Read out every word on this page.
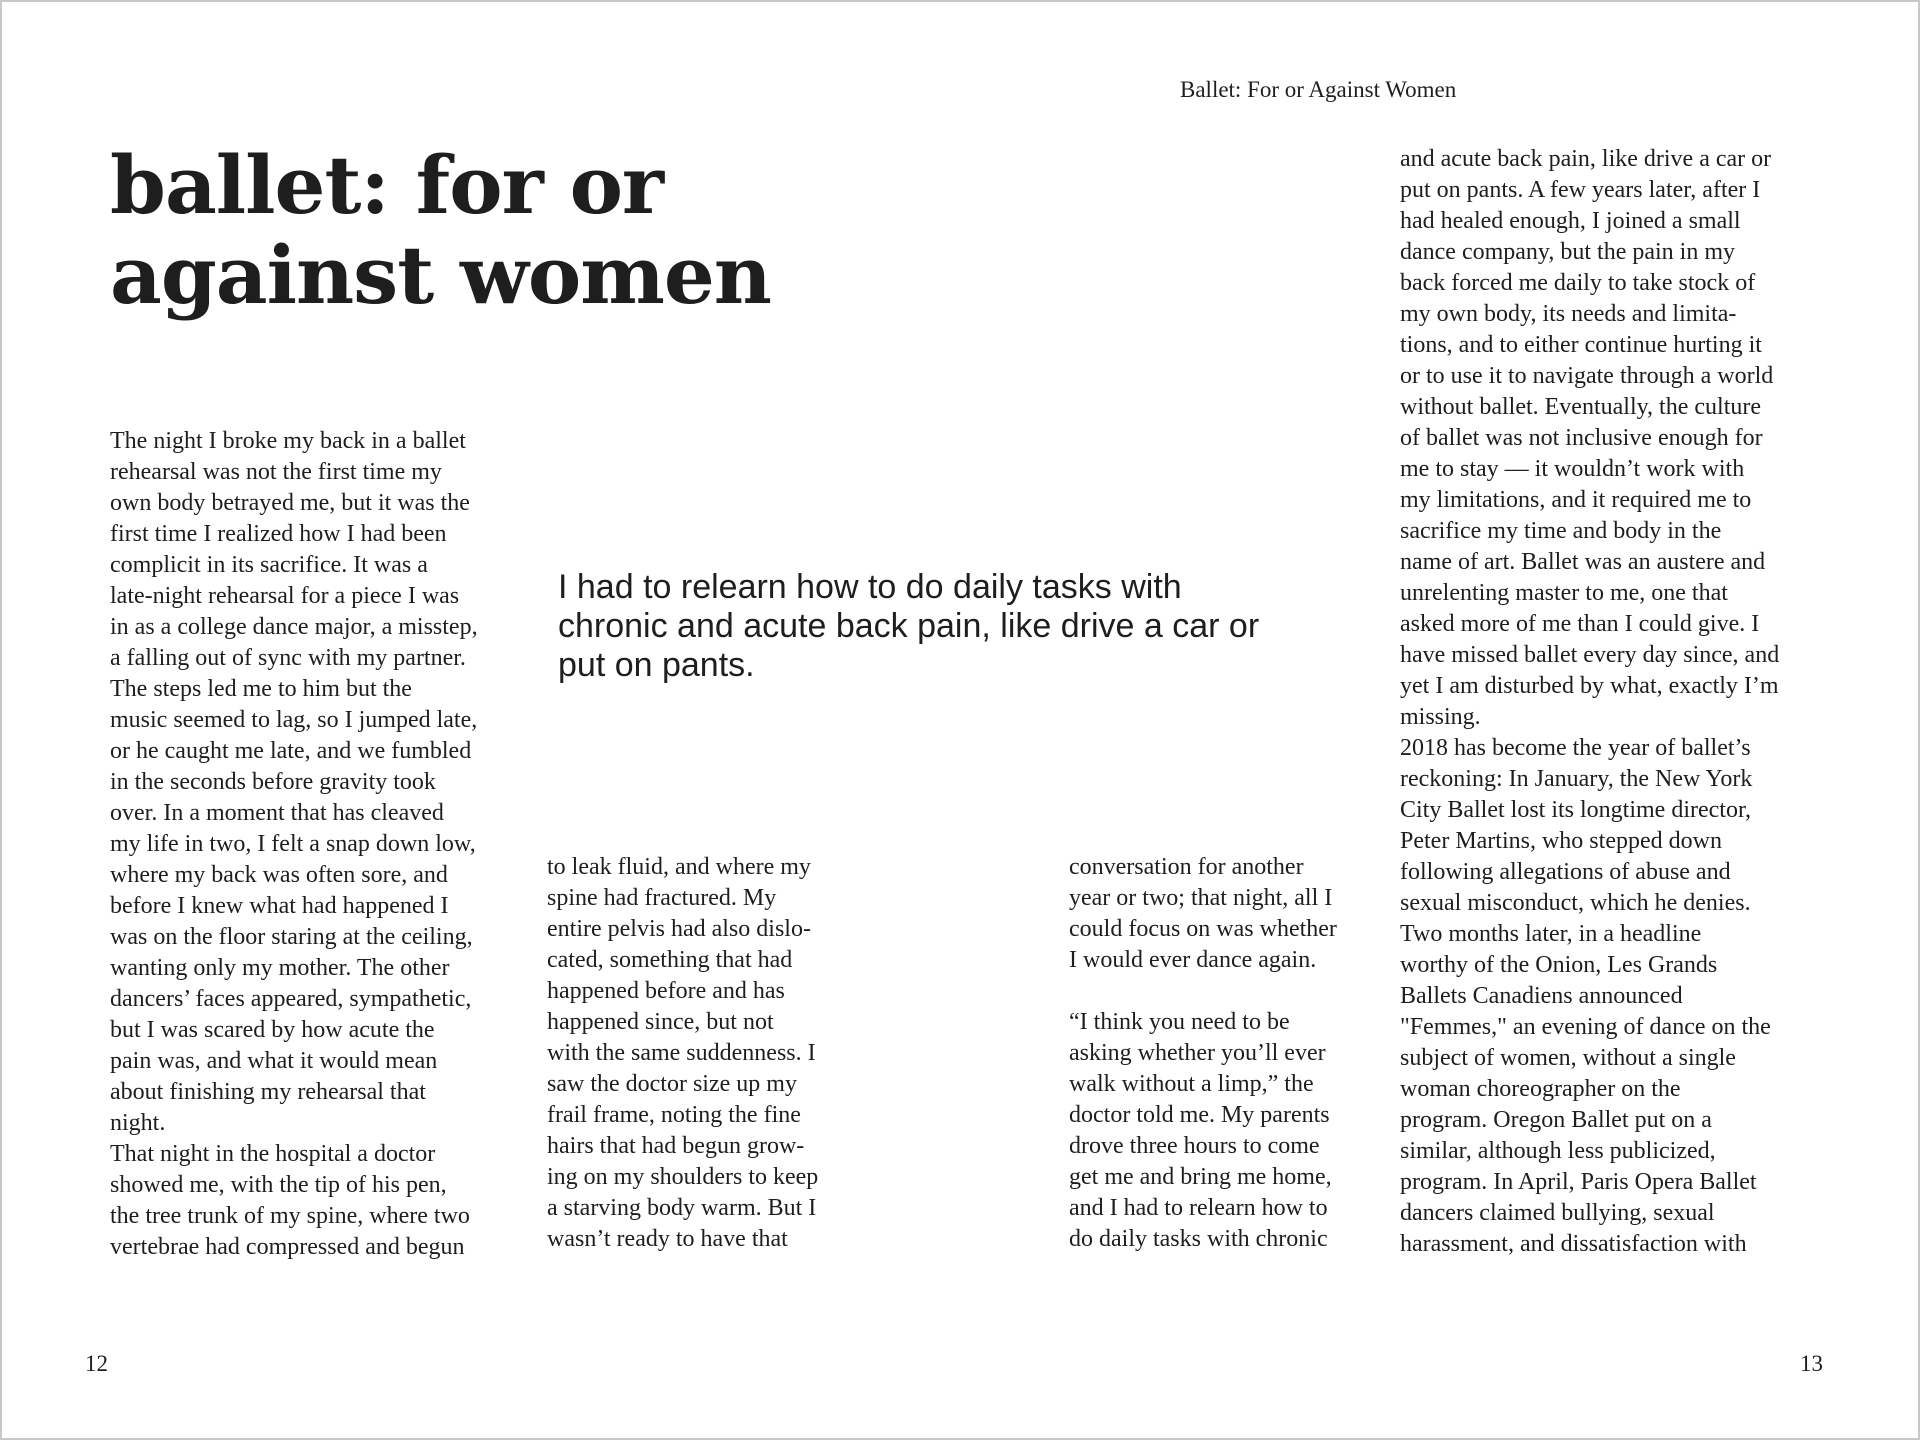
Ballet: For or Against Women
ballet: for or
against women
The night I broke my back in a ballet
rehearsal was not the first time my
own body betrayed me, but it was the
first time I realized how I had been
complicit in its sacrifice. It was a
late-night rehearsal for a piece I was
in as a college dance major, a misstep,
a falling out of sync with my partner.
The steps led me to him but the
music seemed to lag, so I jumped late,
or he caught me late, and we fumbled
in the seconds before gravity took
over. In a moment that has cleaved
my life in two, I felt a snap down low,
where my back was often sore, and
before I knew what had happened I
was on the floor staring at the ceiling,
wanting only my mother. The other
dancers’ faces appeared, sympathetic,
but I was scared by how acute the
pain was, and what it would mean
about finishing my rehearsal that
night.
That night in the hospital a doctor
showed me, with the tip of his pen,
the tree trunk of my spine, where two
vertebrae had compressed and begun
I had to relearn how to do daily tasks with
chronic and acute back pain, like drive a car or
put on pants.
to leak fluid, and where my
spine had fractured. My
entire pelvis had also dislo-
cated, something that had
happened before and has
happened since, but not
with the same suddenness. I
saw the doctor size up my
frail frame, noting the fine
hairs that had begun grow-
ing on my shoulders to keep
a starving body warm. But I
wasn’t ready to have that
conversation for another
year or two; that night, all I
could focus on was whether
I would ever dance again.
“I think you need to be
asking whether you’ll ever
walk without a limp,” the
doctor told me. My parents
drove three hours to come
get me and bring me home,
and I had to relearn how to
do daily tasks with chronic
and acute back pain, like drive a car or
put on pants. A few years later, after I
had healed enough, I joined a small
dance company, but the pain in my
back forced me daily to take stock of
my own body, its needs and limita-
tions, and to either continue hurting it
or to use it to navigate through a world
without ballet. Eventually, the culture
of ballet was not inclusive enough for
me to stay — it wouldn’t work with
my limitations, and it required me to
sacrifice my time and body in the
name of art. Ballet was an austere and
unrelenting master to me, one that
asked more of me than I could give. I
have missed ballet every day since, and
yet I am disturbed by what, exactly I’m
missing.
2018 has become the year of ballet’s
reckoning: In January, the New York
City Ballet lost its longtime director,
Peter Martins, who stepped down
following allegations of abuse and
sexual misconduct, which he denies.
Two months later, in a headline
worthy of the Onion, Les Grands
Ballets Canadiens announced
"Femmes," an evening of dance on the
subject of women, without a single
woman choreographer on the
program. Oregon Ballet put on a
similar, although less publicized,
program. In April, Paris Opera Ballet
dancers claimed bullying, sexual
harassment, and dissatisfaction with
12	13
